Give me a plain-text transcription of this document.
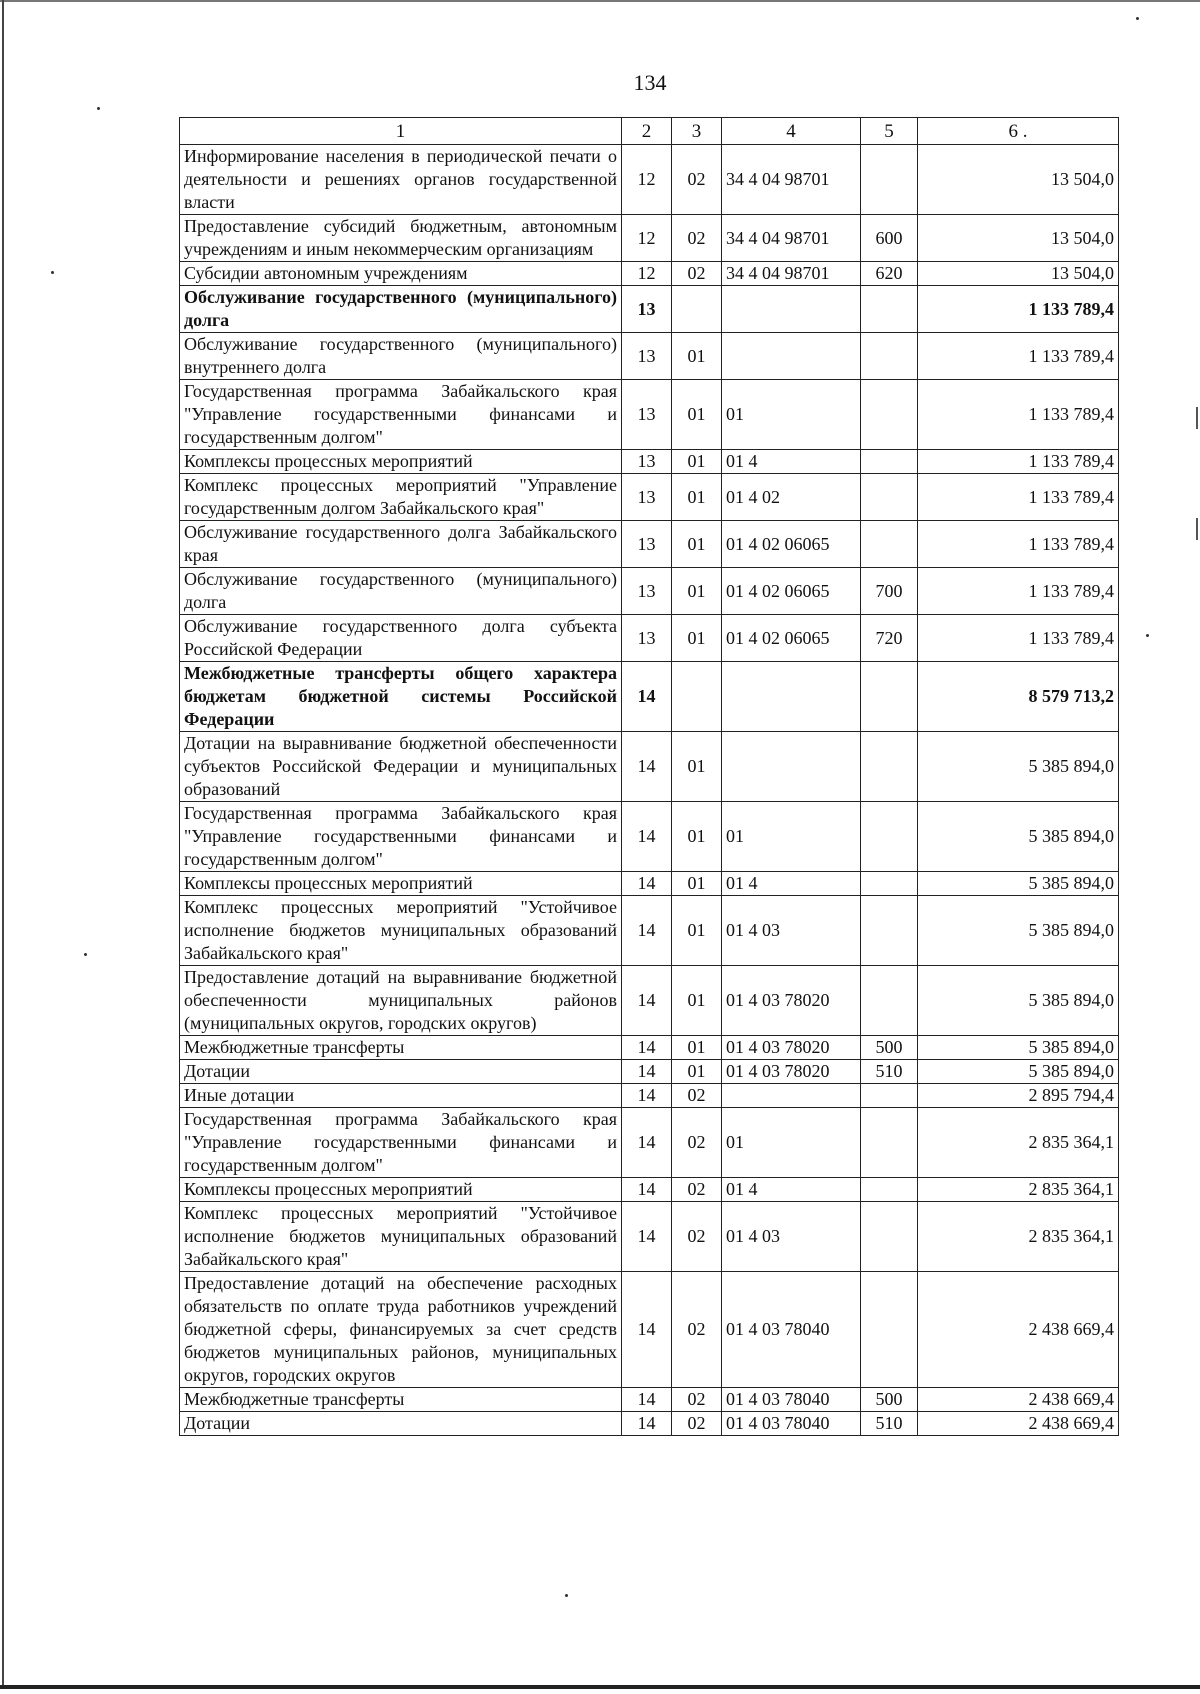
134
1	2	3	4	5	6 .
Информирование населения в периодической печати о деятельности и решениях органов государственной власти	12	02	34 4 04 98701		13 504,0
Предоставление субсидий бюджетным, автономным учреждениям и иным некоммерческим организациям	12	02	34 4 04 98701	600	13 504,0
Субсидии автономным учреждениям	12	02	34 4 04 98701	620	13 504,0
Обслуживание государственного (муниципального) долга	13				1 133 789,4
Обслуживание государственного (муниципального) внутреннего долга	13	01			1 133 789,4
Государственная программа Забайкальского края "Управление государственными финансами и государственным долгом"	13	01	01		1 133 789,4
Комплексы процессных мероприятий	13	01	01 4		1 133 789,4
Комплекс процессных мероприятий "Управление государственным долгом Забайкальского края"	13	01	01 4 02		1 133 789,4
Обслуживание государственного долга Забайкальского края	13	01	01 4 02 06065		1 133 789,4
Обслуживание государственного (муниципального) долга	13	01	01 4 02 06065	700	1 133 789,4
Обслуживание государственного долга субъекта Российской Федерации	13	01	01 4 02 06065	720	1 133 789,4
Межбюджетные трансферты общего характера бюджетам бюджетной системы Российской Федерации	14				8 579 713,2
Дотации на выравнивание бюджетной обеспеченности субъектов Российской Федерации и муниципальных образований	14	01			5 385 894,0
Государственная программа Забайкальского края "Управление государственными финансами и государственным долгом"	14	01	01		5 385 894,0
Комплексы процессных мероприятий	14	01	01 4		5 385 894,0
Комплекс процессных мероприятий "Устойчивое исполнение бюджетов муниципальных образований Забайкальского края"	14	01	01 4 03		5 385 894,0
Предоставление дотаций на выравнивание бюджетной обеспеченности муниципальных районов (муниципальных округов, городских округов)	14	01	01 4 03 78020		5 385 894,0
Межбюджетные трансферты	14	01	01 4 03 78020	500	5 385 894,0
Дотации	14	01	01 4 03 78020	510	5 385 894,0
Иные дотации	14	02			2 895 794,4
Государственная программа Забайкальского края "Управление государственными финансами и государственным долгом"	14	02	01		2 835 364,1
Комплексы процессных мероприятий	14	02	01 4		2 835 364,1
Комплекс процессных мероприятий "Устойчивое исполнение бюджетов муниципальных образований Забайкальского края"	14	02	01 4 03		2 835 364,1
Предоставление дотаций на обеспечение расходных обязательств по оплате труда работников учреждений бюджетной сферы, финансируемых за счет средств бюджетов муниципальных районов, муниципальных округов, городских округов	14	02	01 4 03 78040		2 438 669,4
Межбюджетные трансферты	14	02	01 4 03 78040	500	2 438 669,4
Дотации	14	02	01 4 03 78040	510	2 438 669,4
